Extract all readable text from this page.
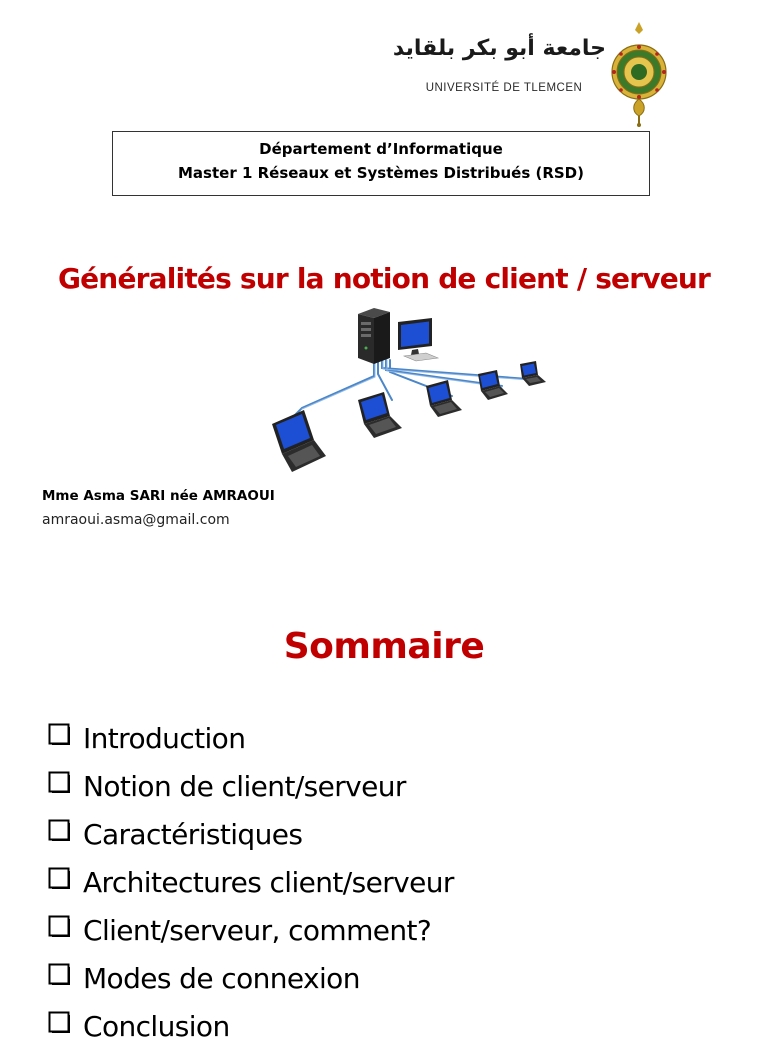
جامعة أبو بكر بلقايد
UNIVERSITÉ DE TLEMCEN
Département d’Informatique
Master 1 Réseaux et Systèmes Distribués (RSD)
Généralités sur la notion de client / serveur
Mme Asma SARI née AMRAOUI
amraoui.asma@gmail.com
Sommaire
Introduction
Notion de client/serveur
Caractéristiques
Architectures client/serveur
Client/serveur, comment?
Modes de connexion
Conclusion
